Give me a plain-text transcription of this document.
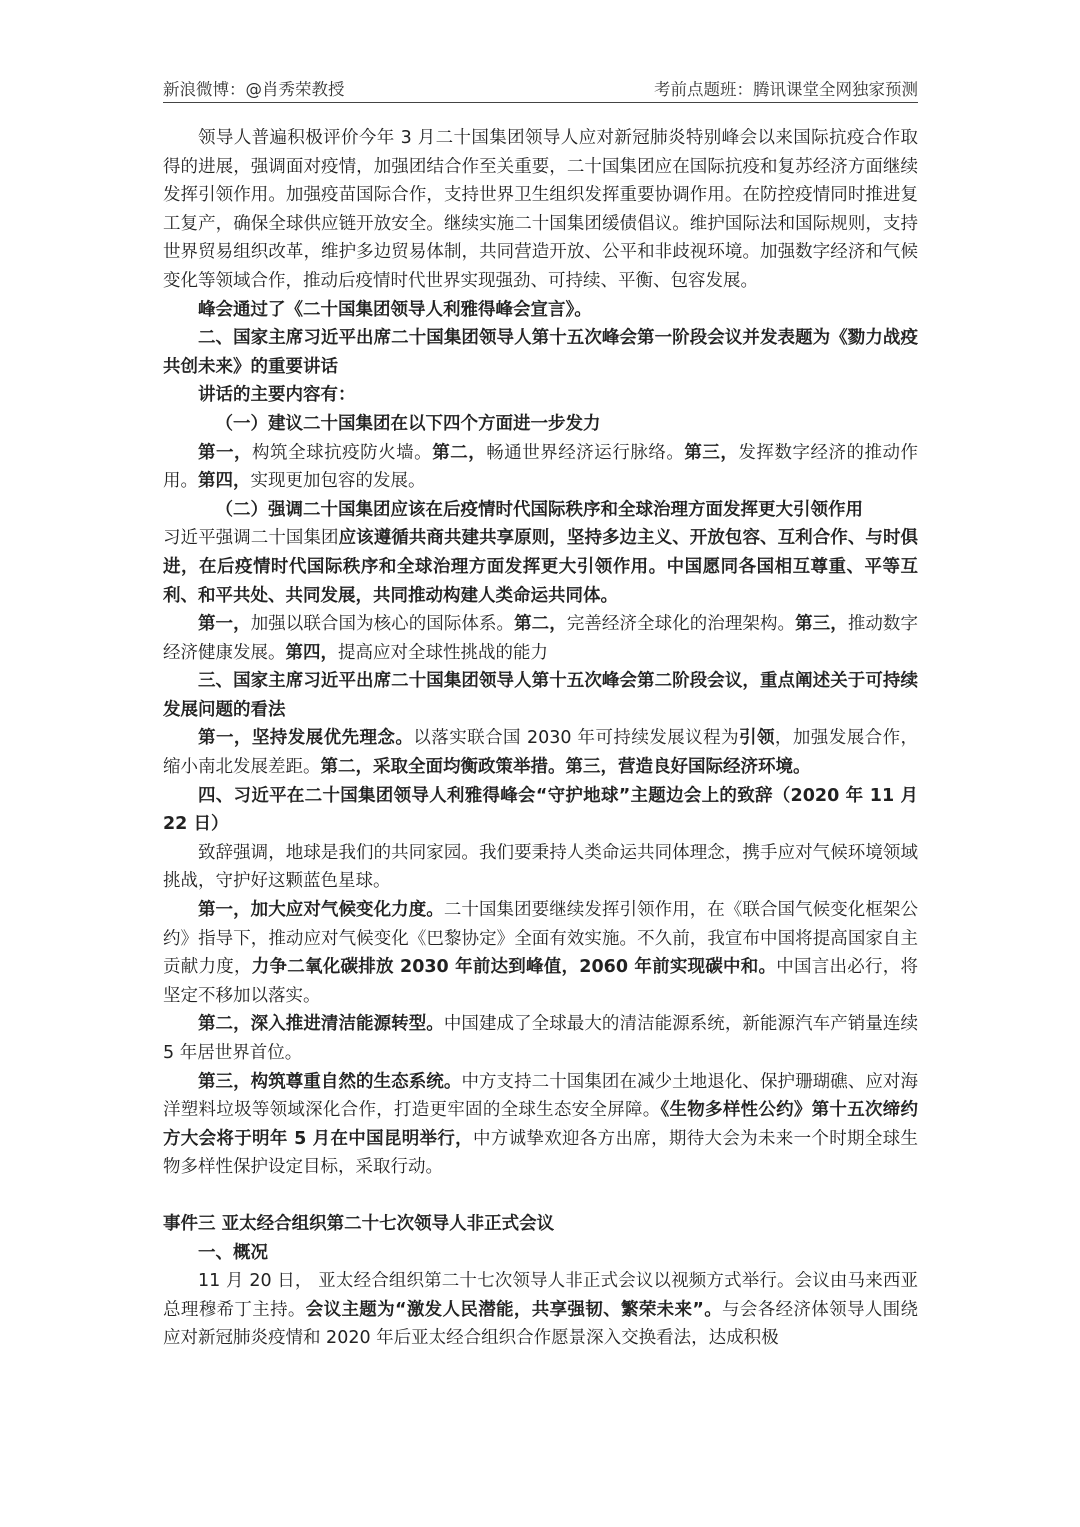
新浪微博：@肖秀荣教授	考前点题班：腾讯课堂全网独家预测

领导人普遍积极评价今年 3 月二十国集团领导人应对新冠肺炎特别峰会以来国际抗疫合作取得的进展，强调面对疫情，加强团结合作至关重要，二十国集团应在国际抗疫和复苏经济方面继续发挥引领作用。加强疫苗国际合作，支持世界卫生组织发挥重要协调作用。在防控疫情同时推进复工复产，确保全球供应链开放安全。继续实施二十国集团缓债倡议。维护国际法和国际规则，支持世界贸易组织改革，维护多边贸易体制，共同营造开放、公平和非歧视环境。加强数字经济和气候变化等领域合作，推动后疫情时代世界实现强劲、可持续、平衡、包容发展。

峰会通过了《二十国集团领导人利雅得峰会宣言》。

二、国家主席习近平出席二十国集团领导人第十五次峰会第一阶段会议并发表题为《勠力战疫 共创未来》的重要讲话

讲话的主要内容有：

（一）建议二十国集团在以下四个方面进一步发力

第一，构筑全球抗疫防火墙。第二，畅通世界经济运行脉络。第三，发挥数字经济的推动作用。第四，实现更加包容的发展。

（二）强调二十国集团应该在后疫情时代国际秩序和全球治理方面发挥更大引领作用

习近平强调二十国集团应该遵循共商共建共享原则，坚持多边主义、开放包容、互利合作、与时俱进，在后疫情时代国际秩序和全球治理方面发挥更大引领作用。中国愿同各国相互尊重、平等互利、和平共处、共同发展，共同推动构建人类命运共同体。

第一，加强以联合国为核心的国际体系。第二，完善经济全球化的治理架构。第三，推动数字经济健康发展。第四，提高应对全球性挑战的能力

三、国家主席习近平出席二十国集团领导人第十五次峰会第二阶段会议，重点阐述关于可持续发展问题的看法

第一，坚持发展优先理念。以落实联合国 2030 年可持续发展议程为引领，加强发展合作，缩小南北发展差距。第二，采取全面均衡政策举措。第三，营造良好国际经济环境。

四、习近平在二十国集团领导人利雅得峰会“守护地球”主题边会上的致辞（2020 年 11 月 22 日）

致辞强调，地球是我们的共同家园。我们要秉持人类命运共同体理念，携手应对气候环境领域挑战，守护好这颗蓝色星球。

第一，加大应对气候变化力度。二十国集团要继续发挥引领作用，在《联合国气候变化框架公约》指导下，推动应对气候变化《巴黎协定》全面有效实施。不久前，我宣布中国将提高国家自主贡献力度，力争二氧化碳排放 2030 年前达到峰值，2060 年前实现碳中和。中国言出必行，将坚定不移加以落实。

第二，深入推进清洁能源转型。中国建成了全球最大的清洁能源系统，新能源汽车产销量连续 5 年居世界首位。

第三，构筑尊重自然的生态系统。中方支持二十国集团在减少土地退化、保护珊瑚礁、应对海洋塑料垃圾等领域深化合作，打造更牢固的全球生态安全屏障。《生物多样性公约》第十五次缔约方大会将于明年 5 月在中国昆明举行，中方诚挚欢迎各方出席，期待大会为未来一个时期全球生物多样性保护设定目标，采取行动。

事件三 亚太经合组织第二十七次领导人非正式会议

一、概况

11 月 20 日， 亚太经合组织第二十七次领导人非正式会议以视频方式举行。会议由马来西亚总理穆希丁主持。会议主题为“激发人民潜能，共享强韧、繁荣未来”。与会各经济体领导人围绕应对新冠肺炎疫情和 2020 年后亚太经合组织合作愿景深入交换看法，达成积极
